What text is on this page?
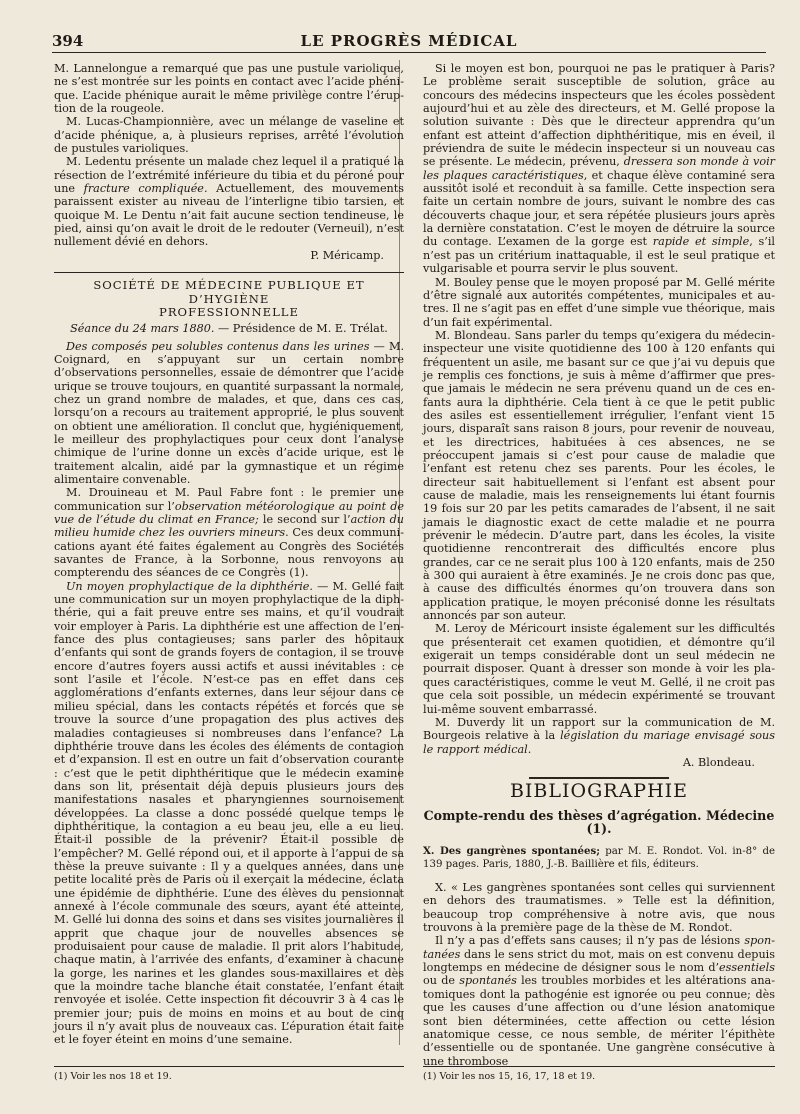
394	LE PROGRÈS MÉDICAL

M. Lannelongue a remarqué que pas une pustule variolique, ne s’est montrée sur les points en contact avec l’acide phénique. L’acide phénique aurait le même privilège contre l’éruption de la rougeole.

M. Lucas-Championnière, avec un mélange de vaseline et d’acide phénique, a, à plusieurs reprises, arrêté l’évolution de pustules varioliques.

M. Ledentu présente un malade chez lequel il a pratiqué la résection de l’extrémité inférieure du tibia et du péroné pour une fracture compliquée. Actuellement, des mouvements paraissent exister au niveau de l’interligne tibio tarsien, et quoique M. Le Dentu n’ait fait aucune section tendineuse, le pied, ainsi qu’on avait le droit de le redouter (Verneuil), n’est nullement dévié en dehors.

P. Méricamp.

SOCIÉTÉ DE MÉDECINE PUBLIQUE ET D’HYGIÈNE

PROFESSIONNELLE

Séance du 24 mars 1880. — Présidence de M. E. Trélat.

Des composés peu solubles contenus dans les urines — M. Coignard, en s’appuyant sur un certain nombre d’observations personnelles, essaie de démontrer que l’acide urique se trouve toujours, en quantité surpassant la normale, chez un grand nombre de malades, et que, dans ces cas, lorsqu’on a recours au traitement approprié, le plus souvent on obtient une amélioration. Il conclut que, hygiéniquement, le meilleur des prophylactiques pour ceux dont l’analyse chimique de l’urine donne un excès d’acide urique, est le traitement alcalin, aidé par la gymnastique et un régime alimentaire convenable.

M. Drouineau et M. Paul Fabre font : le premier une communication sur l’observation météorologique au point de vue de l’étude du climat en France; le second sur l’action du milieu humide chez les ouvriers mineurs. Ces deux communications ayant été faites également au Congrès des Sociétés savantes de France, à la Sorbonne, nous renvoyons au compterendu des séances de ce Congrès (1).

Un moyen prophylactique de la diphthérie. — M. Gellé fait une communication sur un moyen prophylactique de la diphthérie, qui a fait preuve entre ses mains, et qu’il voudrait voir employer à Paris. La diphthérie est une affection de l’enfance des plus contagieuses; sans parler des hôpitaux d’enfants qui sont de grands foyers de contagion, il se trouve encore d’autres foyers aussi actifs et aussi inévitables : ce sont l’asile et l’école. N’est-ce pas en effet dans ces agglomérations d’enfants externes, dans leur séjour dans ce milieu spécial, dans les contacts répétés et forcés que se trouve la source d’une propagation des plus actives des maladies contagieuses si nombreuses dans l’enfance? La diphthérie trouve dans les écoles des éléments de contagion et d’expansion. Il est en outre un fait d’observation courante : c’est que le petit diphthéritique que le médecin examine dans son lit, présentait déjà depuis plusieurs jours des manifestations nasales et pharyngiennes sournoisement développées. La classe a donc possédé quelque temps le diphthéritique, la contagion a eu beau jeu, elle a eu lieu. Était-il possible de la prévenir? Était-il possible de l’empêcher? M. Gellé répond oui, et il apporte à l’appui de sa thèse la preuve suivante : Il y a quelques années, dans une petite localité près de Paris où il exerçait la médecine, éclata une épidémie de diphthérie. L’une des élèves du pensionnat annexé à l’école communale des sœurs, ayant été atteinte, M. Gellé lui donna des soins et dans ses visites journalières il apprit que chaque jour de nouvelles absences se produisaient pour cause de maladie. Il prit alors l’habitude, chaque matin, à l’arrivée des enfants, d’examiner à chacune la gorge, les narines et les glandes sous-maxillaires et dès que la moindre tache blanche était constatée, l’enfant était renvoyée et isolée. Cette inspection fit découvrir 3 à 4 cas le premier jour; puis de moins en moins et au bout de cinq jours il n’y avait plus de nouveaux cas. L’épuration était faite et le foyer éteint en moins d’une semaine.

Si le moyen est bon, pourquoi ne pas le pratiquer à Paris? Le problème serait susceptible de solution, grâce au concours des médecins inspecteurs que les écoles possèdent aujourd’hui et au zèle des directeurs, et M. Gellé propose la solution suivante : Dès que le directeur apprendra qu’un enfant est atteint d’affection diphthéritique, mis en éveil, il préviendra de suite le médecin inspecteur si un nouveau cas se présente. Le médecin, prévenu, dressera son monde à voir les plaques caractéristiques, et chaque élève contaminé sera aussitôt isolé et reconduit à sa famille. Cette inspection sera faite un certain nombre de jours, suivant le nombre des cas découverts chaque jour, et sera répétée plusieurs jours après la dernière constatation. C’est le moyen de détruire la source du contage. L’examen de la gorge est rapide et simple, s’il n’est pas un critérium inattaquable, il est le seul pratique et vulgarisable et pourra servir le plus souvent.

M. Bouley pense que le moyen proposé par M. Gellé mérite d’être signalé aux autorités compétentes, municipales et autres. Il ne s’agit pas en effet d’une simple vue théorique, mais d’un fait expérimental.

M. Blondeau. Sans parler du temps qu’exigera du médecininspecteur une visite quotidienne des 100 à 120 enfants qui fréquentent un asile, me basant sur ce que j’ai vu depuis que je remplis ces fonctions, je suis à même d’affirmer que presque jamais le médecin ne sera prévenu quand un de ces enfants aura la diphthérie. Cela tient à ce que le petit public des asiles est essentiellement irrégulier, l’enfant vient 15 jours, disparaît sans raison 8 jours, pour revenir de nouveau, et les directrices, habituées à ces absences, ne se préoccupent jamais si c’est pour cause de maladie que l’enfant est retenu chez ses parents. Pour les écoles, le directeur sait habituellement si l’enfant est absent pour cause de maladie, mais les renseignements lui étant fournis 19 fois sur 20 par les petits camarades de l’absent, il ne sait jamais le diagnostic exact de cette maladie et ne pourra prévenir le médecin. D’autre part, dans les écoles, la visite quotidienne rencontrerait des difficultés encore plus grandes, car ce ne serait plus 100 à 120 enfants, mais de 250 à 300 qui auraient à être examinés. Je ne crois donc pas que, à cause des difficultés énormes qu’on trouvera dans son application pratique, le moyen préconisé donne les résultats annoncés par son auteur.

M. Leroy de Méricourt insiste également sur les difficultés que présenterait cet examen quotidien, et démontre qu’il exigerait un temps considérable dont un seul médecin ne pourrait disposer. Quant à dresser son monde à voir les plaques caractéristiques, comme le veut M. Gellé, il ne croit pas que cela soit possible, un médecin expérimenté se trouvant lui-même souvent embarrassé.

M. Duverdy lit un rapport sur la communication de M. Bourgeois relative à la législation du mariage envisagé sous le rapport médical.

A. Blondeau.

BIBLIOGRAPHIE

Compte-rendu des thèses d’agrégation. Médecine (1).

X. Des gangrènes spontanées; par M. E. Rondot. Vol. in-8° de 139 pages. Paris, 1880, J.-B. Baillière et fils, éditeurs.

X. « Les gangrènes spontanées sont celles qui surviennent en dehors des traumatismes. » Telle est la définition, beaucoup trop compréhensive à notre avis, que nous trouvons à la première page de la thèse de M. Rondot.

Il n’y a pas d’effets sans causes; il n’y pas de lésions spontanées dans le sens strict du mot, mais on est convenu depuis longtemps en médecine de désigner sous le nom d’essentiels ou de spontanés les troubles morbides et les altérations anatomiques dont la pathogénie est ignorée ou peu connue; dès que les causes d’une affection ou d’une lésion anatomique sont bien déterminées, cette affection ou cette lésion anatomique cesse, ce nous semble, de mériter l’épithète d’essentielle ou de spontanée. Une gangrène consécutive à une thrombose

(1) Voir les nos 18 et 19.	(1) Voir les nos 15, 16, 17, 18 et 19.
